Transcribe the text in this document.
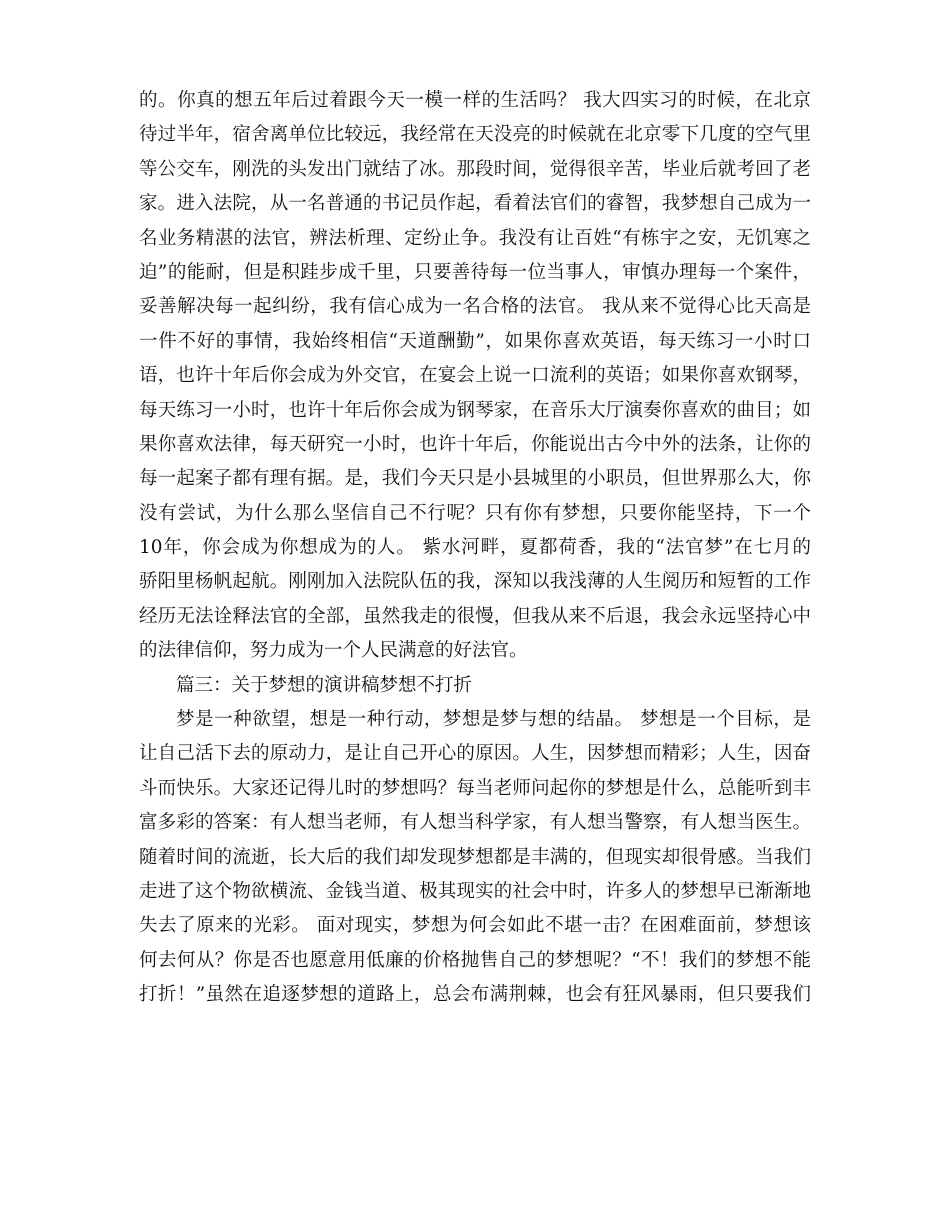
的。你真的想五年后过着跟今天一模一样的生活吗？ 我大四实习的时候，在北京
待过半年，宿舍离单位比较远，我经常在天没亮的时候就在北京零下几度的空气里
等公交车，刚洗的头发出门就结了冰。那段时间，觉得很辛苦，毕业后就考回了老
家。进入法院，从一名普通的书记员作起，看着法官们的睿智，我梦想自己成为一
名业务精湛的法官，辨法析理、定纷止争。我没有让百姓“有栋宇之安，无饥寒之
迫”的能耐，但是积跬步成千里，只要善待每一位当事人，审慎办理每一个案件，
妥善解决每一起纠纷，我有信心成为一名合格的法官。 我从来不觉得心比天高是
一件不好的事情，我始终相信“天道酬勤”，如果你喜欢英语，每天练习一小时口
语，也许十年后你会成为外交官，在宴会上说一口流利的英语；如果你喜欢钢琴，
每天练习一小时，也许十年后你会成为钢琴家，在音乐大厅演奏你喜欢的曲目；如
果你喜欢法律，每天研究一小时，也许十年后，你能说出古今中外的法条，让你的
每一起案子都有理有据。是，我们今天只是小县城里的小职员，但世界那么大，你
没有尝试，为什么那么坚信自己不行呢？只有你有梦想，只要你能坚持，下一个
10年，你会成为你想成为的人。 紫水河畔，夏都荷香，我的“法官梦”在七月的
骄阳里杨帆起航。刚刚加入法院队伍的我，深知以我浅薄的人生阅历和短暂的工作
经历无法诠释法官的全部，虽然我走的很慢，但我从来不后退，我会永远坚持心中
的法律信仰，努力成为一个人民满意的好法官。
篇三：关于梦想的演讲稿梦想不打折
梦是一种欲望，想是一种行动，梦想是梦与想的结晶。 梦想是一个目标，是
让自己活下去的原动力，是让自己开心的原因。人生，因梦想而精彩；人生，因奋
斗而快乐。大家还记得儿时的梦想吗？每当老师问起你的梦想是什么，总能听到丰
富多彩的答案：有人想当老师，有人想当科学家，有人想当警察，有人想当医生。
随着时间的流逝，长大后的我们却发现梦想都是丰满的，但现实却很骨感。当我们
走进了这个物欲横流、金钱当道、极其现实的社会中时，许多人的梦想早已渐渐地
失去了原来的光彩。 面对现实，梦想为何会如此不堪一击？在困难面前，梦想该
何去何从？你是否也愿意用低廉的价格抛售自己的梦想呢？“不！我们的梦想不能
打折！”虽然在追逐梦想的道路上，总会布满荆棘，也会有狂风暴雨，但只要我们
